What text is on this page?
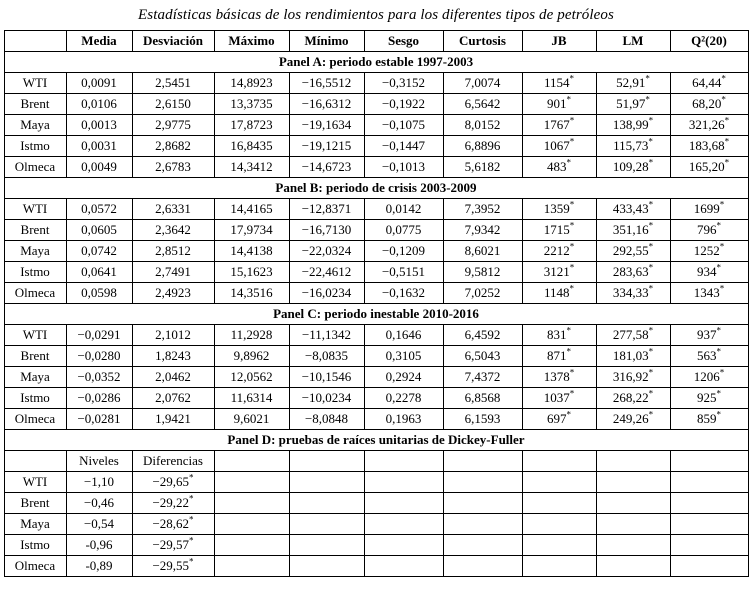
Estadísticas básicas de los rendimientos para los diferentes tipos de petróleos
	Media	Desviación	Máximo	Mínimo	Sesgo	Curtosis	JB	LM	Q²(20)
Panel A: periodo estable 1997-2003									
WTI	0,0091	2,5451	14,8923	−16,5512	−0,3152	7,0074	1154*	52,91*	64,44*
Brent	0,0106	2,6150	13,3735	−16,6312	−0,1922	6,5642	901*	51,97*	68,20*
Maya	0,0013	2,9775	17,8723	−19,1634	−0,1075	8,0152	1767*	138,99*	321,26*
Istmo	0,0031	2,8682	16,8435	−19,1215	−0,1447	6,8896	1067*	115,73*	183,68*
Olmeca	0,0049	2,6783	14,3412	−14,6723	−0,1013	5,6182	483*	109,28*	165,20*
Panel B: periodo de crisis 2003-2009									
WTI	0,0572	2,6331	14,4165	−12,8371	0,0142	7,3952	1359*	433,43*	1699*
Brent	0,0605	2,3642	17,9734	−16,7130	0,0775	7,9342	1715*	351,16*	796*
Maya	0,0742	2,8512	14,4138	−22,0324	−0,1209	8,6021	2212*	292,55*	1252*
Istmo	0,0641	2,7491	15,1623	−22,4612	−0,5151	9,5812	3121*	283,63*	934*
Olmeca	0,0598	2,4923	14,3516	−16,0234	−0,1632	7,0252	1148*	334,33*	1343*
Panel C: periodo inestable 2010-2016									
WTI	−0,0291	2,1012	11,2928	−11,1342	0,1646	6,4592	831*	277,58*	937*
Brent	−0,0280	1,8243	9,8962	−8,0835	0,3105	6,5043	871*	181,03*	563*
Maya	−0,0352	2,0462	12,0562	−10,1546	0,2924	7,4372	1378*	316,92*	1206*
Istmo	−0,0286	2,0762	11,6314	−10,0234	0,2278	6,8568	1037*	268,22*	925*
Olmeca	−0,0281	1,9421	9,6021	−8,0848	0,1963	6,1593	697*	249,26*	859*
Panel D: pruebas de raíces unitarias de Dickey-Fuller									
	Niveles	Diferencias							
WTI	−1,10	−29,65*							
Brent	−0,46	−29,22*							
Maya	−0,54	−28,62*							
Istmo	-0,96	−29,57*							
Olmeca	-0,89	−29,55*							
